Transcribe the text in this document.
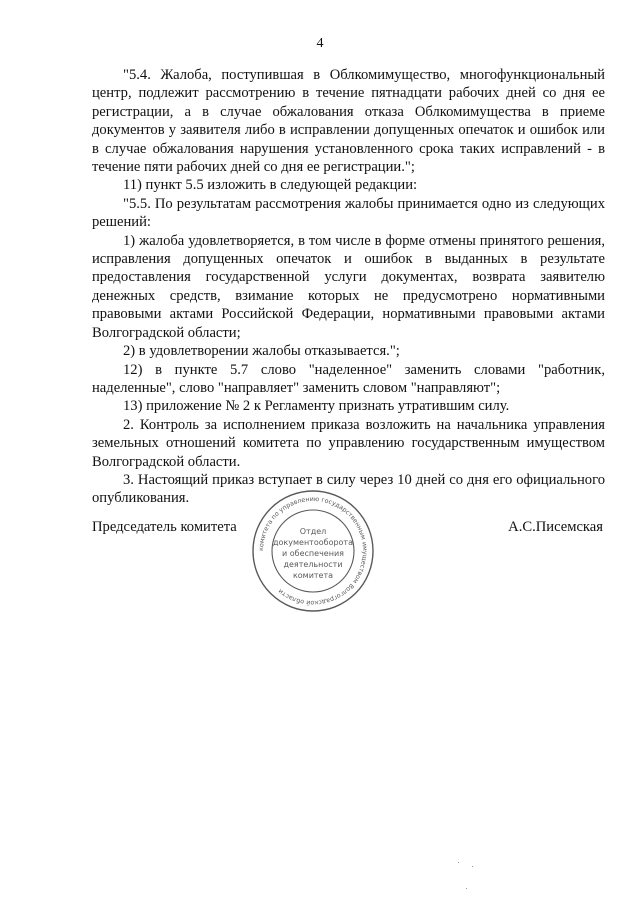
4

"5.4. Жалоба, поступившая в Облкомимущество, многофункциональный центр, подлежит рассмотрению в течение пятнадцати рабочих дней со дня ее регистрации, а в случае обжалования отказа Облкомимущества в приеме документов у заявителя либо в исправлении допущенных опечаток и ошибок или в случае обжалования нарушения установленного срока таких исправлений - в течение пяти рабочих дней со дня ее регистрации.";

11) пункт 5.5 изложить в следующей редакции:

"5.5. По результатам рассмотрения жалобы принимается одно из следующих решений:

1) жалоба удовлетворяется, в том числе в форме отмены принятого решения, исправления допущенных опечаток и ошибок в выданных в результате предоставления государственной услуги документах, возврата заявителю денежных средств, взимание которых не предусмотрено нормативными правовыми актами Российской Федерации, нормативными правовыми актами Волгоградской области;

2) в удовлетворении жалобы отказывается.";

12) в пункте 5.7 слово "наделенное" заменить словами "работник, наделенные", слово "направляет" заменить словом "направляют";

13) приложение № 2 к Регламенту признать утратившим силу.

2. Контроль за исполнением приказа возложить на начальника управления земельных отношений комитета по управлению государственным имуществом Волгоградской области.

3. Настоящий приказ вступает в силу через 10 дней со дня его официального опубликования.

Председатель комитета
комитета по управлению государственным имуществом Волгоградской области
Отдел
документооборота
и обеспечения
деятельности
комитета
А.С.Писемская
